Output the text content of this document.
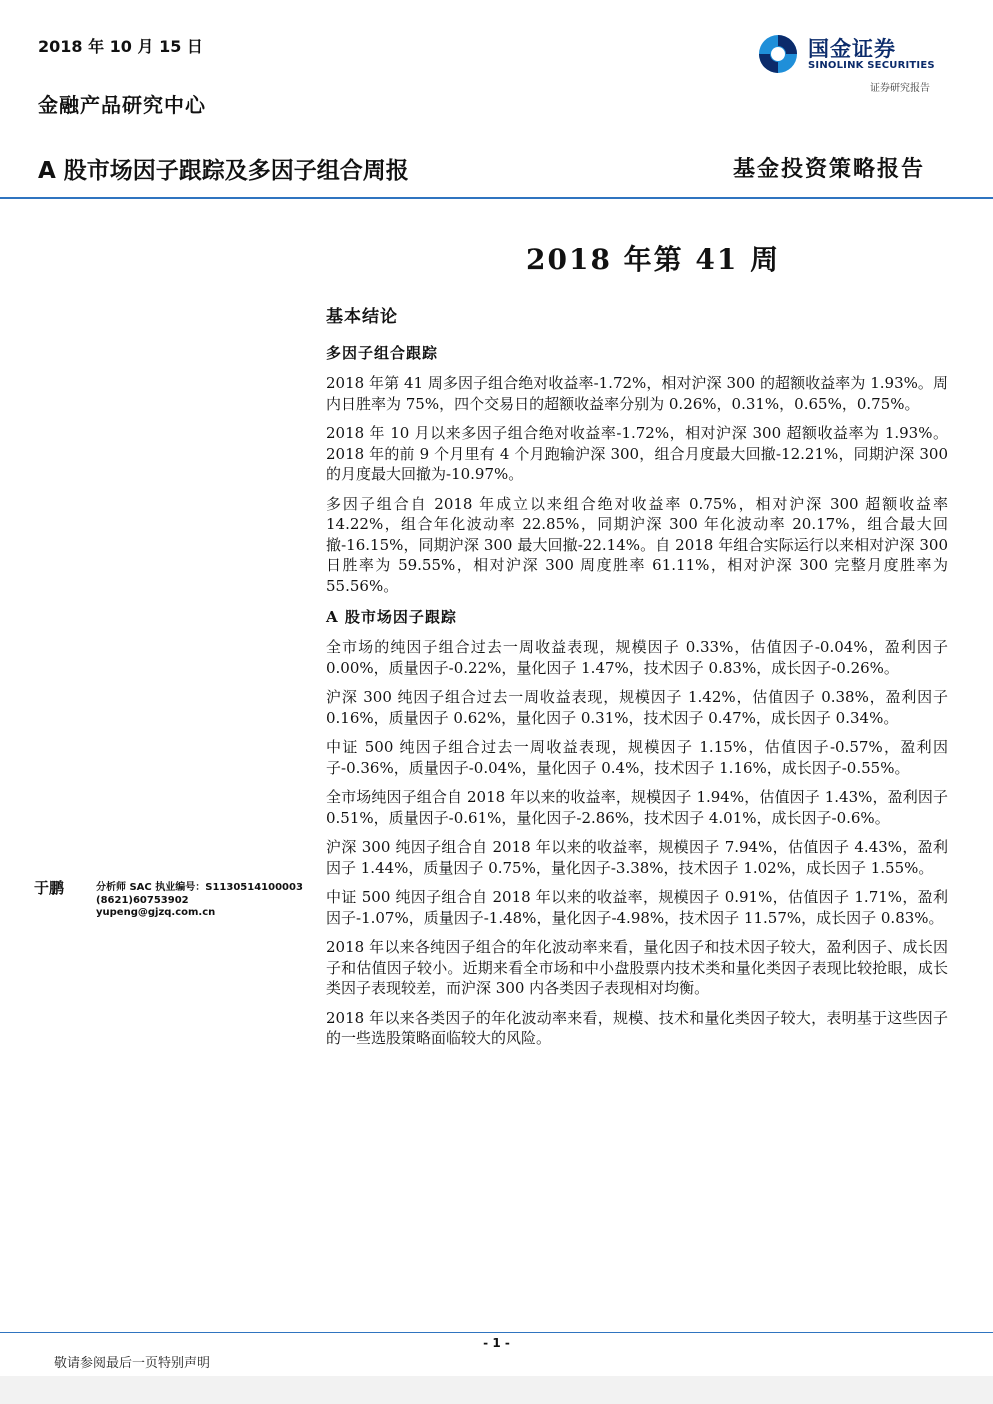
2018 年 10 月 15 日
金融产品研究中心
国金证券
SINOLINK SECURITIES
证券研究报告
A 股市场因子跟踪及多因子组合周报	基金投资策略报告
2018 年第 41 周
基本结论
多因子组合跟踪

2018 年第 41 周多因子组合绝对收益率-1.72%，相对沪深 300 的超额收益率为 1.93%。周内日胜率为 75%，四个交易日的超额收益率分别为 0.26%，0.31%，0.65%，0.75%。

2018 年 10 月以来多因子组合绝对收益率-1.72%，相对沪深 300 超额收益率为 1.93%。2018 年的前 9 个月里有 4 个月跑输沪深 300，组合月度最大回撤-12.21%，同期沪深 300 的月度最大回撤为-10.97%。

多因子组合自 2018 年成立以来组合绝对收益率 0.75%，相对沪深 300 超额收益率 14.22%，组合年化波动率 22.85%，同期沪深 300 年化波动率 20.17%，组合最大回撤-16.15%，同期沪深 300 最大回撤-22.14%。自 2018 年组合实际运行以来相对沪深 300 日胜率为 59.55%，相对沪深 300 周度胜率 61.11%，相对沪深 300 完整月度胜率为 55.56%。

A 股市场因子跟踪

全市场的纯因子组合过去一周收益表现，规模因子 0.33%，估值因子-0.04%，盈利因子 0.00%，质量因子-0.22%，量化因子 1.47%，技术因子 0.83%，成长因子-0.26%。

沪深 300 纯因子组合过去一周收益表现，规模因子 1.42%，估值因子 0.38%，盈利因子 0.16%，质量因子 0.62%，量化因子 0.31%，技术因子 0.47%，成长因子 0.34%。

中证 500 纯因子组合过去一周收益表现，规模因子 1.15%，估值因子-0.57%，盈利因子-0.36%，质量因子-0.04%，量化因子 0.4%，技术因子 1.16%，成长因子-0.55%。

全市场纯因子组合自 2018 年以来的收益率，规模因子 1.94%，估值因子 1.43%，盈利因子 0.51%，质量因子-0.61%，量化因子-2.86%，技术因子 4.01%，成长因子-0.6%。

沪深 300 纯因子组合自 2018 年以来的收益率，规模因子 7.94%，估值因子 4.43%，盈利因子 1.44%，质量因子 0.75%，量化因子-3.38%，技术因子 1.02%，成长因子 1.55%。

中证 500 纯因子组合自 2018 年以来的收益率，规模因子 0.91%，估值因子 1.71%，盈利因子-1.07%，质量因子-1.48%，量化因子-4.98%，技术因子 11.57%，成长因子 0.83%。

2018 年以来各纯因子组合的年化波动率来看，量化因子和技术因子较大，盈利因子、成长因子和估值因子较小。近期来看全市场和中小盘股票内技术类和量化类因子表现比较抢眼，成长类因子表现较差，而沪深 300 内各类因子表现相对均衡。

2018 年以来各类因子的年化波动率来看，规模、技术和量化类因子较大，表明基于这些因子的一些选股策略面临较大的风险。

于鹏	分析师 SAC 执业编号：S1130514100003
(8621)60753902
yupeng@gjzq.com.cn
- 1 -
敬请参阅最后一页特别声明
